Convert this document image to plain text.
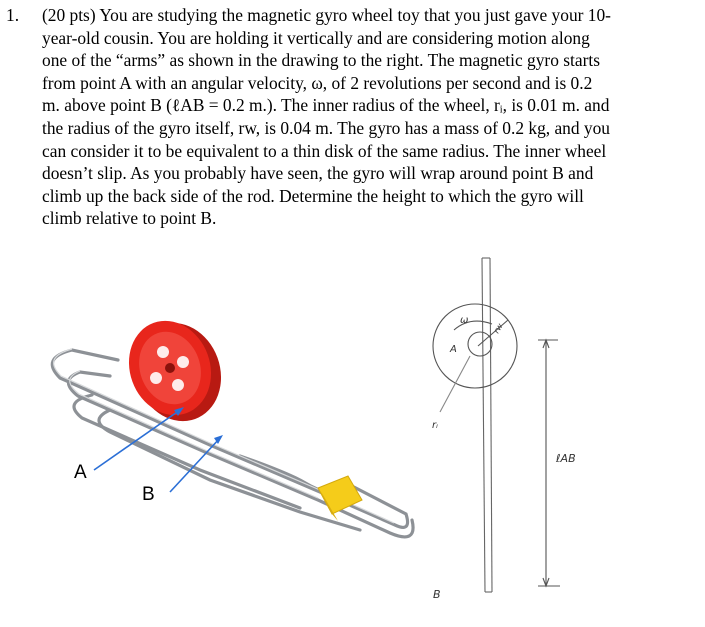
1. (20 pts) You are studying the magnetic gyro wheel toy that you just gave your 10-
year-old cousin. You are holding it vertically and are considering motion along
one of the “arms” as shown in the drawing to the right. The magnetic gyro starts
from point A with an angular velocity, ω, of 2 revolutions per second and is 0.2
m. above point B (ℓAB = 0.2 m.). The inner radius of the wheel, rᵢ, is 0.01 m. and
the radius of the gyro itself, rw, is 0.04 m. The gyro has a mass of 0.2 kg, and you
can consider it to be equivalent to a thin disk of the same radius. The inner wheel
doesn’t slip. As you probably have seen, the gyro will wrap around point B and
climb up the back side of the rod. Determine the height to which the gyro will
climb relative to point B.
A
B
ω
A
rw
rᵢ
ℓAB
B
